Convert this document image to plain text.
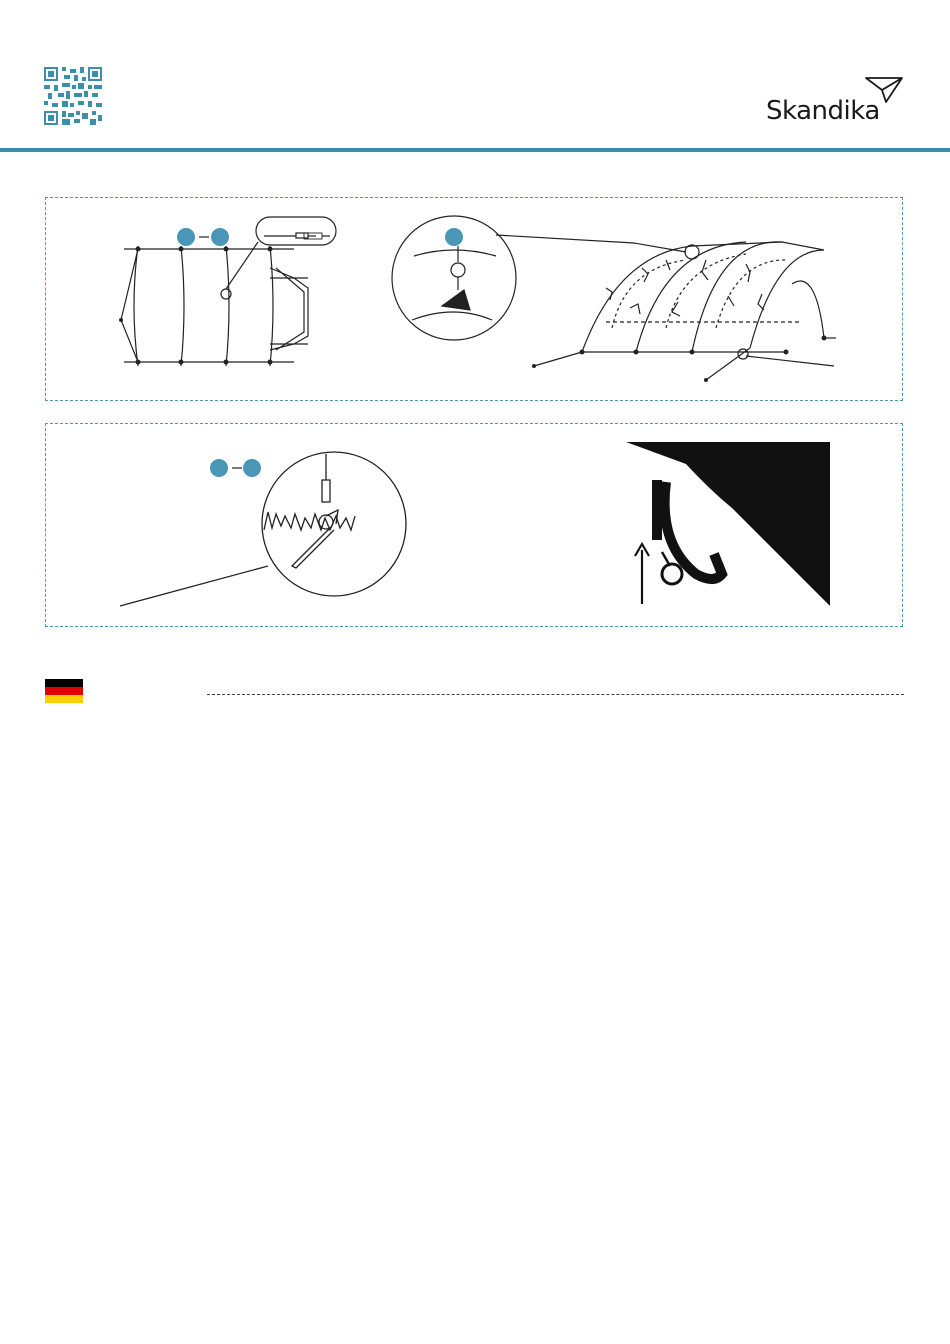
Skandika
